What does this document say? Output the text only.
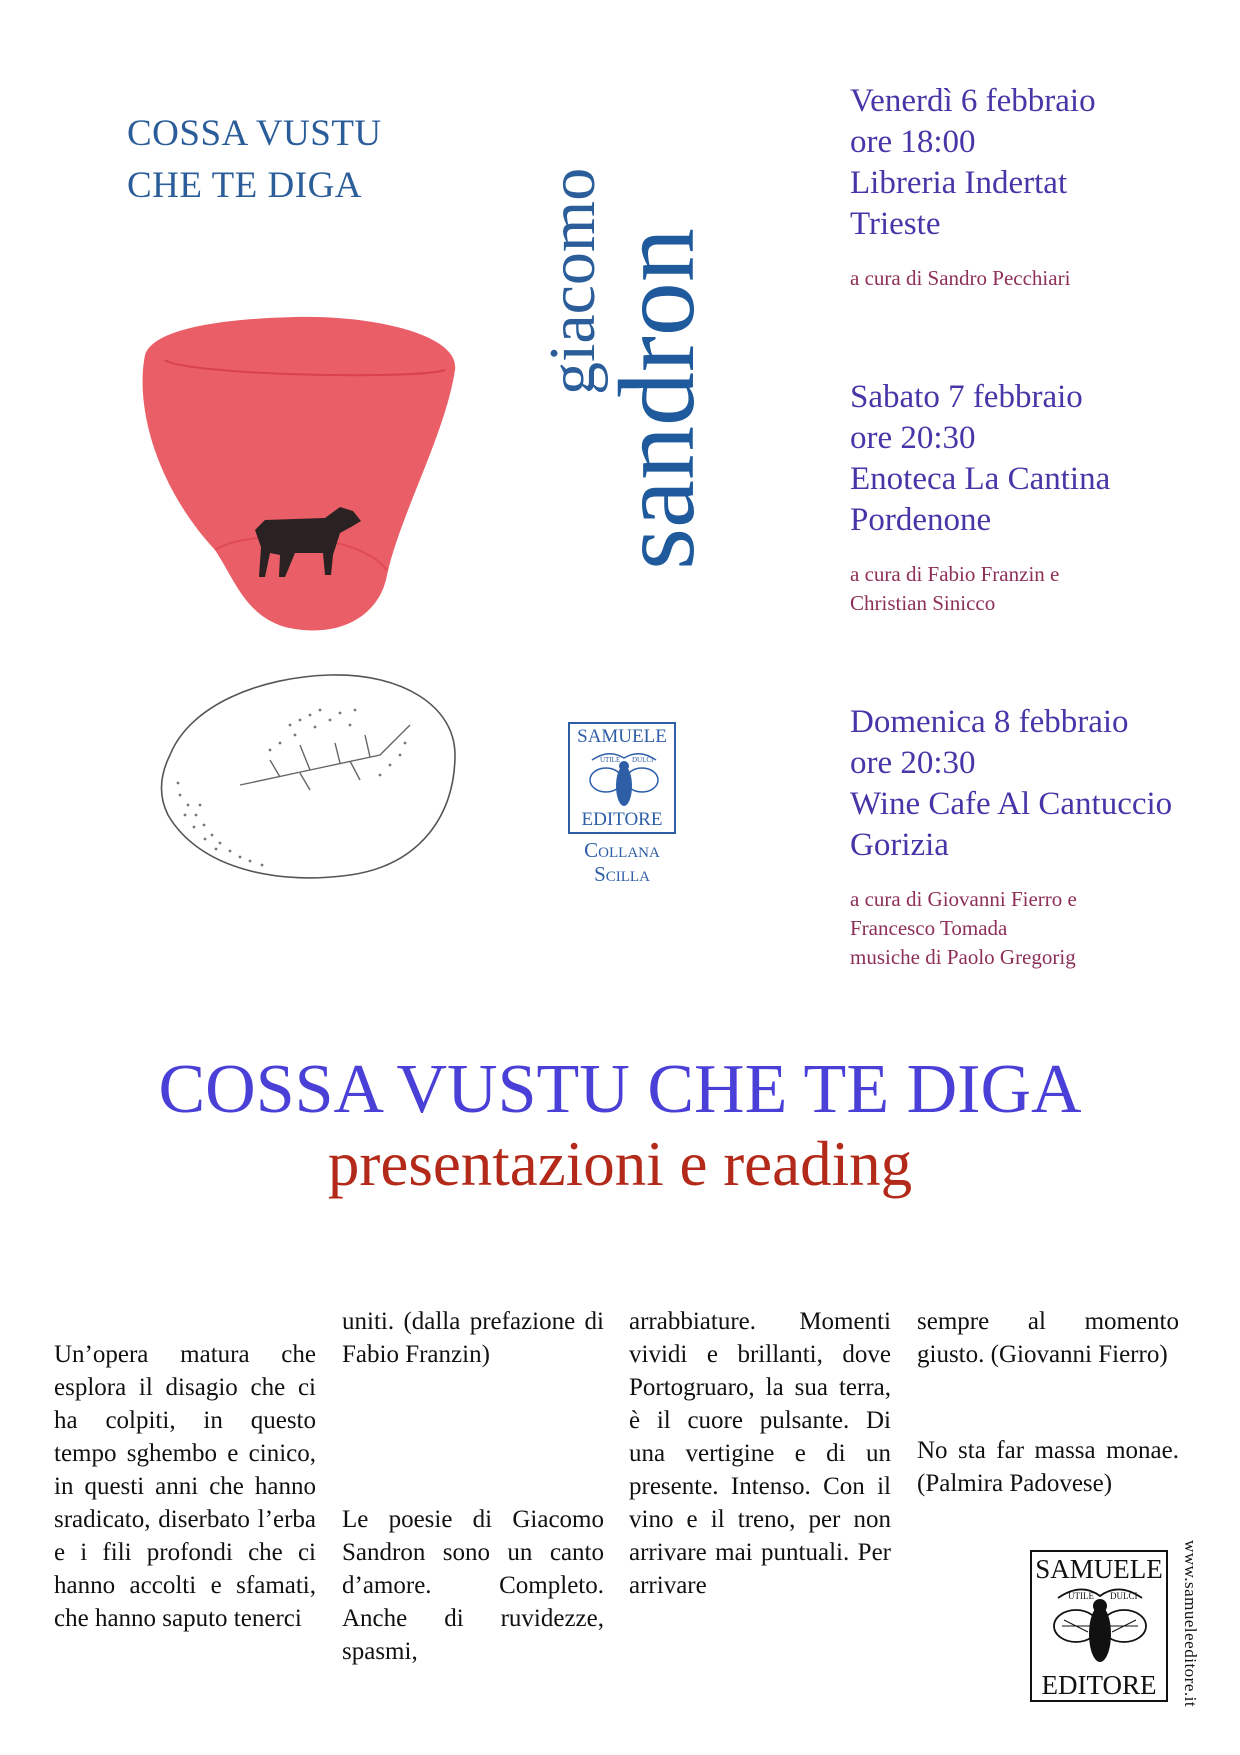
COSSA VUSTU
CHE TE DIGA	giacomo
sandron
SAMUELE
UTILE DULCI
EDITORE
Collana
Scilla
Venerdì 6 febbraio
ore 18:00
Libreria Indertat
Trieste
a cura di Sandro Pecchiari
Sabato 7 febbraio
ore 20:30
Enoteca La Cantina
Pordenone
a cura di Fabio Franzin e
Christian Sinicco
Domenica 8 febbraio
ore 20:30
Wine Cafe Al Cantuccio
Gorizia
a cura di Giovanni Fierro e
Francesco Tomada
musiche di Paolo Gregorig
COSSA VUSTU CHE TE DIGA
presentazioni e reading

Un’opera matura che esplora il disagio che ci ha colpiti, in questo tempo sghembo e cinico, in questi anni che hanno sradicato, diserbato l’erba e i fili profondi che ci hanno accolti e sfamati, che hanno saputo tenerci

uniti. (dalla prefazione di Fabio Franzin)

Le poesie di Giacomo Sandron sono un canto d’amore. Completo. Anche di ruvidezze, spasmi,

arrabbiature. Momenti vividi e brillanti, dove Portogruaro, la sua terra, è il cuore pulsante. Di una vertigine e di un presente. Intenso. Con il vino e il treno, per non arrivare mai puntuali. Per arrivare

sempre al momento giusto. (Giovanni Fierro)

No sta far massa monae. (Palmira Padovese)

SAMUELE
UTILE DULCI
EDITORE	www.samueleeditore.it
